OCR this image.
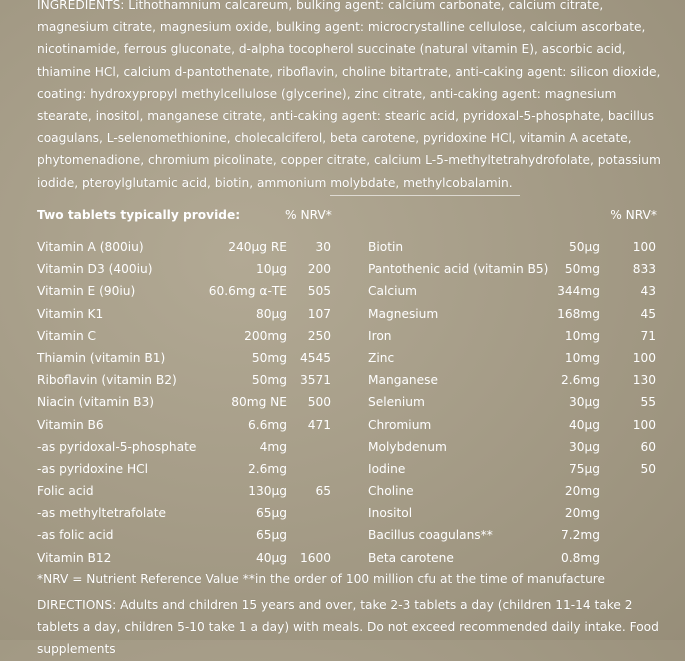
INGREDIENTS: Lithothamnium calcareum, bulking agent: calcium carbonate, calcium citrate, magnesium citrate, magnesium oxide, bulking agent: microcrystalline cellulose, calcium ascorbate, nicotinamide, ferrous gluconate, d-alpha tocopherol succinate (natural vitamin E), ascorbic acid, thiamine HCl, calcium d-pantothenate, riboflavin, choline bitartrate, anti-caking agent: silicon dioxide, coating: hydroxypropyl methylcellulose (glycerine), zinc citrate, anti-caking agent: magnesium stearate, inositol, manganese citrate, anti-caking agent: stearic acid, pyridoxal-5-phosphate, bacillus coagulans, L-selenomethionine, cholecalciferol, beta carotene, pyridoxine HCl, vitamin A acetate, phytomenadione, chromium picolinate, copper citrate, calcium L-5-methyltetrahydrofolate, potassium iodide, pteroylglutamic acid, biotin, ammonium molybdate, methylcobalamin.
Two tablets typically provide:	% NRV*	% NRV*
Vitamin A (800iu)	240µg RE 30
Vitamin D3 (400iu)	10µg 200
Vitamin E (90iu)	60.6mg α-TE 505
Vitamin K1	80µg 107
Vitamin C	200mg 250
Thiamin (vitamin B1)	50mg 4545
Riboflavin (vitamin B2)	50mg 3571
Niacin (vitamin B3)	80mg NE 500
Vitamin B6	6.6mg 471
-as pyridoxal-5-phosphate	4mg
-as pyridoxine HCl	2.6mg
Folic acid	130µg 65
-as methyltetrafolate	65µg
-as folic acid	65µg
Vitamin B12	40µg 1600
Biotin	50µg	100
Pantothenic acid (vitamin B5) 50mg	833
Calcium	344mg	43
Magnesium	168mg	45
Iron	10mg	71
Zinc	10mg	100
Manganese	2.6mg	130
Selenium	30µg	55
Chromium	40µg	100
Molybdenum	30µg	60
Iodine	75µg	50
Choline	20mg
Inositol	20mg
Bacillus coagulans**	7.2mg
Beta carotene	0.8mg
*NRV = Nutrient Reference Value **in the order of 100 million cfu at the time of manufacture
DIRECTIONS: Adults and children 15 years and over, take 2-3 tablets a day (children 11-14 take 2 tablets a day, children 5-10 take 1 a day) with meals. Do not exceed recommended daily intake. Food supplements
